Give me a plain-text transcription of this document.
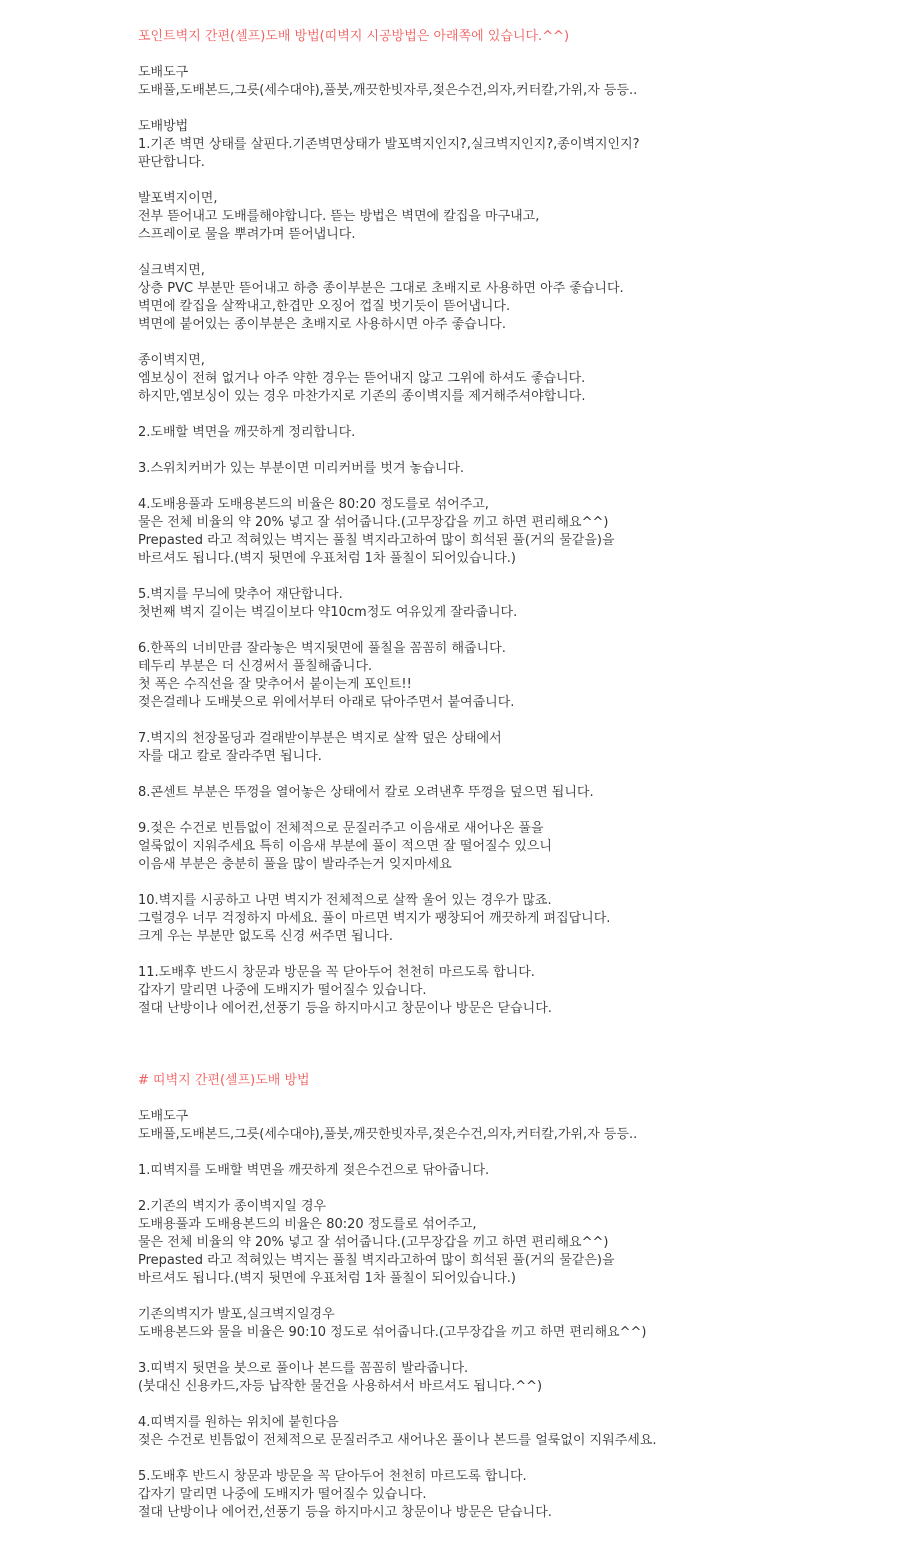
포인트벽지 간편(셀프)도배 방법(띠벽지 시공방법은 아래쪽에 있습니다.^^)

도배도구

도배풀,도배본드,그릇(세수대야),풀붓,깨끗한빗자루,젖은수건,의자,커터칼,가위,자 등등..

도배방법

1.기존 벽면 상태를 살핀다.기존벽면상태가 발포벽지인지?,실크벽지인지?,종이벽지인지?

판단합니다.

발포벽지이면,

전부 뜯어내고 도배를해야합니다. 뜯는 방법은 벽면에 칼집을 마구내고,

스프레이로 물을 뿌려가며 뜯어냅니다.

실크벽지면,

상층 PVC 부분만 뜯어내고 하층 종이부분은 그대로 초배지로 사용하면 아주 좋습니다.

벽면에 칼집을 살짝내고,한겹만 오징어 껍질 벗기듯이 뜯어냅니다.

벽면에 붙어있는 종이부분은 초배지로 사용하시면 아주 좋습니다.

종이벽지면,

엠보싱이 전혀 없거나 아주 약한 경우는 뜯어내지 않고 그위에 하셔도 좋습니다.

하지만,엠보싱이 있는 경우 마찬가지로 기존의 종이벽지를 제거해주셔야합니다.

2.도배할 벽면을 깨끗하게 정리합니다.

3.스위치커버가 있는 부분이면 미리커버를 벗겨 놓습니다.

4.도배용풀과 도배용본드의 비율은 80:20 정도를로 섞어주고,

물은 전체 비율의 약 20% 넣고 잘 섞어줍니다.(고무장갑을 끼고 하면 편리해요^^)

Prepasted 라고 적혀있는 벽지는 풀칠 벽지라고하여 많이 희석된 풀(거의 물같을)을

바르셔도 됩니다.(벽지 뒷면에 우표처럼 1차 풀칠이 되어있습니다.)

5.벽지를 무늬에 맞추어 재단합니다.

첫번째 벽지 길이는 벽길이보다 약10cm정도 여유있게 잘라줍니다.

6.한폭의 너비만큼 잘라놓은 벽지뒷면에 풀칠을 꼼꼼히 해줍니다.

테두리 부분은 더 신경써서 풀칠해줍니다.

첫 폭은 수직선을 잘 맞추어서 붙이는게 포인트!!

젖은걸레나 도배붓으로 위에서부터 아래로 닦아주면서 붙여줍니다.

7.벽지의 천장몰딩과 걸래받이부분은 벽지로 살짝 덮은 상태에서

자를 대고 칼로 잘라주면 됩니다.

8.콘센트 부분은 뚜껑을 열어놓은 상태에서 칼로 오려낸후 뚜껑을 덮으면 됩니다.

9.젖은 수건로 빈틈없이 전체적으로 문질러주고 이음새로 새어나온 풀을

얼룩없이 지워주세요 특히 이음새 부분에 풀이 적으면 잘 떨어질수 있으니

이음새 부분은 충분히 풀을 많이 발라주는거 잊지마세요

10.벽지를 시공하고 나면 벽지가 전체적으로 살짝 울어 있는 경우가 많죠.

그럴경우 너무 걱정하지 마세요. 풀이 마르면 벽지가 팽창되어 깨끗하게 펴집답니다.

크게 우는 부분만 없도록 신경 써주면 됩니다.

11.도배후 반드시 창문과 방문을 꼭 닫아두어 천천히 마르도록 합니다.

갑자기 말리면 나중에 도배지가 떨어질수 있습니다.

절대 난방이나 에어컨,선풍기 등을 하지마시고 창문이나 방문은 닫습니다.

# 띠벽지 간편(셀프)도배 방법

도배도구

도배풀,도배본드,그릇(세수대야),풀붓,깨끗한빗자루,젖은수건,의자,커터칼,가위,자 등등..

1.띠벽지를 도배할 벽면을 깨끗하게 젖은수건으로 닦아줍니다.

2.기존의 벽지가 종이벽지일 경우

도배용풀과 도배용본드의 비율은 80:20 정도를로 섞어주고,

물은 전체 비율의 약 20% 넣고 잘 섞어줍니다.(고무장갑을 끼고 하면 편리해요^^)

Prepasted 라고 적혀있는 벽지는 풀칠 벽지라고하여 많이 희석된 풀(거의 물같은)을

바르셔도 됩니다.(벽지 뒷면에 우표처럼 1차 풀칠이 되어있습니다.)

기존의벽지가 발포,실크벽지일경우

도배용본드와 물을 비율은 90:10 정도로 섞어줍니다.(고무장갑을 끼고 하면 편리해요^^)

3.띠벽지 뒷면을 붓으로 풀이나 본드를 꼼꼼히 발라줍니다.

(붓대신 신용카드,자등 납작한 물건을 사용하셔서 바르셔도 됩니다.^^)

4.띠벽지를 원하는 위치에 붙힌다음

젖은 수건로 빈틈없이 전체적으로 문질러주고 새어나온 풀이나 본드를 얼룩없이 지워주세요.

5.도배후 반드시 창문과 방문을 꼭 닫아두어 천천히 마르도록 합니다.

갑자기 말리면 나중에 도배지가 떨어질수 있습니다.

절대 난방이나 에어컨,선풍기 등을 하지마시고 창문이나 방문은 닫습니다.
